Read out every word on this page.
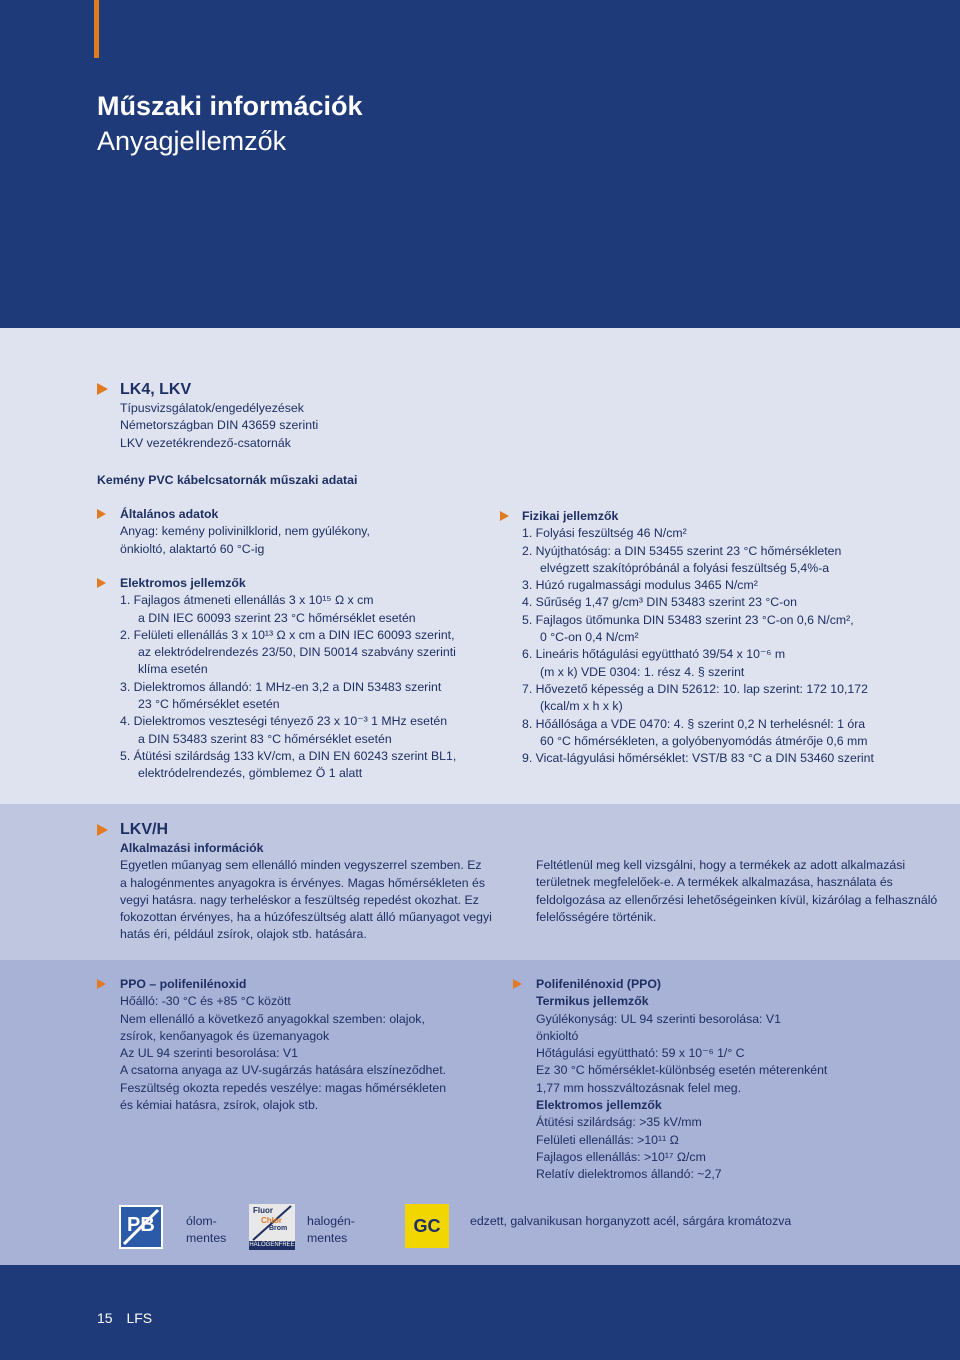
Műszaki információk
Anyagjellemzők
LK4, LKV
Típusvizsgálatok/engedélyezések
Németországban DIN 43659 szerinti
LKV vezetékrendező-csatornák
Kemény PVC kábelcsatornák műszaki adatai
Általános adatok
Anyag: kemény polivinilklorid, nem gyúlékony,
önkioltó, alaktartó 60 °C-ig
Elektromos jellemzők
1. Fajlagos átmeneti ellenállás 3 x 10¹⁵ Ω x cm
a DIN IEC 60093 szerint 23 °C hőmérséklet esetén
2. Felületi ellenállás 3 x 10¹³ Ω x cm a DIN IEC 60093 szerint,
az elektródelrendezés 23/50, DIN 50014 szabvány szerinti
klíma esetén
3. Dielektromos állandó: 1 MHz-en 3,2 a DIN 53483 szerint
23 °C hőmérséklet esetén
4. Dielektromos veszteségi tényező 23 x 10⁻³ 1 MHz esetén
a DIN 53483 szerint 83 °C hőmérséklet esetén
5. Átütési szilárdság 133 kV/cm, a DIN EN 60243 szerint BL1,
elektródelrendezés, gömblemez Ö 1 alatt
Fizikai jellemzők
1. Folyási feszültség 46 N/cm²
2. Nyújthatóság: a DIN 53455 szerint 23 °C hőmérsékleten
elvégzett szakítópróbánál a folyási feszültség 5,4%-a
3. Húzó rugalmassági modulus 3465 N/cm²
4. Sűrűség 1,47 g/cm³ DIN 53483 szerint 23 °C-on
5. Fajlagos ütőmunka DIN 53483 szerint 23 °C-on 0,6 N/cm²,
0 °C-on 0,4 N/cm²
6. Lineáris hőtágulási együttható 39/54 x 10⁻⁶ m
(m x k) VDE 0304: 1. rész 4. § szerint
7. Hővezető képesség a DIN 52612: 10. lap szerint: 172 10,172
(kcal/m x h x k)
8. Hőállósága a VDE 0470: 4. § szerint 0,2 N terhelésnél: 1 óra
60 °C hőmérsékleten, a golyóbenyomódás átmérője 0,6 mm
9. Vicat-lágyulási hőmérséklet: VST/B 83 °C a DIN 53460 szerint
LKV/H
Alkalmazási információk
Egyetlen műanyag sem ellenálló minden vegyszerrel szemben. Ez
a halogénmentes anyagokra is érvényes. Magas hőmérsékleten és
vegyi hatásra. nagy terheléskor a feszültség repedést okozhat. Ez
fokozottan érvényes, ha a húzófeszültség alatt álló műanyagot vegyi
hatás éri, például zsírok, olajok stb. hatására.
Feltétlenül meg kell vizsgálni, hogy a termékek az adott alkalmazási
területnek megfelelőek-e. A termékek alkalmazása, használata és
feldolgozása az ellenőrzési lehetőségeinken kívül, kizárólag a felhasználó
felelősségére történik.
PPO – polifenilénoxid
Hőálló: -30 °C és +85 °C között
Nem ellenálló a következő anyagokkal szemben: olajok,
zsírok, kenőanyagok és üzemanyagok
Az UL 94 szerinti besorolása: V1
A csatorna anyaga az UV-sugárzás hatására elszíneződhet.
Feszültség okozta repedés veszélye: magas hőmérsékleten
és kémiai hatásra, zsírok, olajok stb.
Polifenilénoxid (PPO)
Termikus jellemzők
Gyúlékonyság: UL 94 szerinti besorolása: V1
önkioltó
Hőtágulási együttható: 59 x 10⁻⁶ 1/° C
Ez 30 °C hőmérséklet-különbség esetén méterenként
1,77 mm hosszváltozásnak felel meg.
Elektromos jellemzők
Átütési szilárdság: >35 kV/mm
Felületi ellenállás: >10¹¹ Ω
Fajlagos ellenállás: >10¹⁷ Ω/cm
Relatív dielektromos állandó: ~2,7
PB	ólom-
mentes
Fluor
Chlor
Brom
HALOGENFREE
halogén-
mentes
GC	edzett, galvanikusan horganyzott acél, sárgára kromátozva
15 LFS
